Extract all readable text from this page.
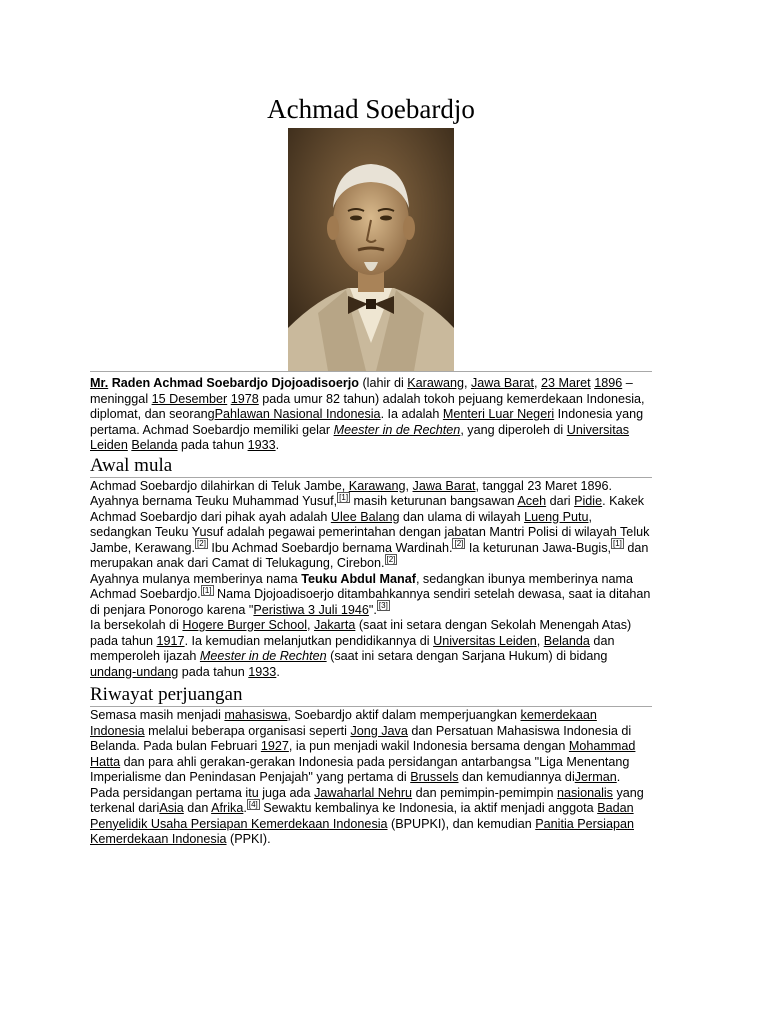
Achmad Soebardjo

Mr. Raden Achmad Soebardjo Djojoadisoerjo (lahir di Karawang, Jawa Barat, 23 Maret 1896 – meninggal 15 Desember 1978 pada umur 82 tahun) adalah tokoh pejuang kemerdekaan Indonesia, diplomat, dan seorangPahlawan Nasional Indonesia. Ia adalah Menteri Luar Negeri Indonesia yang pertama. Achmad Soebardjo memiliki gelar Meester in de Rechten, yang diperoleh di Universitas Leiden Belanda pada tahun 1933.

Awal mula

Achmad Soebardjo dilahirkan di Teluk Jambe, Karawang, Jawa Barat, tanggal 23 Maret 1896. Ayahnya bernama Teuku Muhammad Yusuf, [1] masih keturunan bangsawan Aceh dari Pidie. Kakek Achmad Soebardjo dari pihak ayah adalah Ulee Balang dan ulama di wilayah Lueng Putu, sedangkan Teuku Yusuf adalah pegawai pemerintahan dengan jabatan Mantri Polisi di wilayah Teluk Jambe, Kerawang. [2] Ibu Achmad Soebardjo bernama Wardinah. [2] Ia keturunan Jawa-Bugis, [1] dan merupakan anak dari Camat di Telukagung, Cirebon. [2]

Ayahnya mulanya memberinya nama Teuku Abdul Manaf, sedangkan ibunya memberinya nama Achmad Soebardjo. [1] Nama Djojoadisoerjo ditambahkannya sendiri setelah dewasa, saat ia ditahan di penjara Ponorogo karena "Peristiwa 3 Juli 1946". [3]

Ia bersekolah di Hogere Burger School, Jakarta (saat ini setara dengan Sekolah Menengah Atas) pada tahun 1917. Ia kemudian melanjutkan pendidikannya di Universitas Leiden, Belanda dan memperoleh ijazah Meester in de Rechten (saat ini setara dengan Sarjana Hukum) di bidang undang-undang pada tahun 1933.

Riwayat perjuangan

Semasa masih menjadi mahasiswa, Soebardjo aktif dalam memperjuangkan kemerdekaan Indonesia melalui beberapa organisasi seperti Jong Java dan Persatuan Mahasiswa Indonesia di Belanda. Pada bulan Februari 1927, ia pun menjadi wakil Indonesia bersama dengan Mohammad Hatta dan para ahli gerakan-gerakan Indonesia pada persidangan antarbangsa "Liga Menentang Imperialisme dan Penindasan Penjajah" yang pertama di Brussels dan kemudiannya diJerman. Pada persidangan pertama itu juga ada Jawaharlal Nehru dan pemimpin-pemimpin nasionalis yang terkenal dariAsia dan Afrika. [4] Sewaktu kembalinya ke Indonesia, ia aktif menjadi anggota Badan Penyelidik Usaha Persiapan Kemerdekaan Indonesia (BPUPKI), dan kemudian Panitia Persiapan Kemerdekaan Indonesia (PPKI).
